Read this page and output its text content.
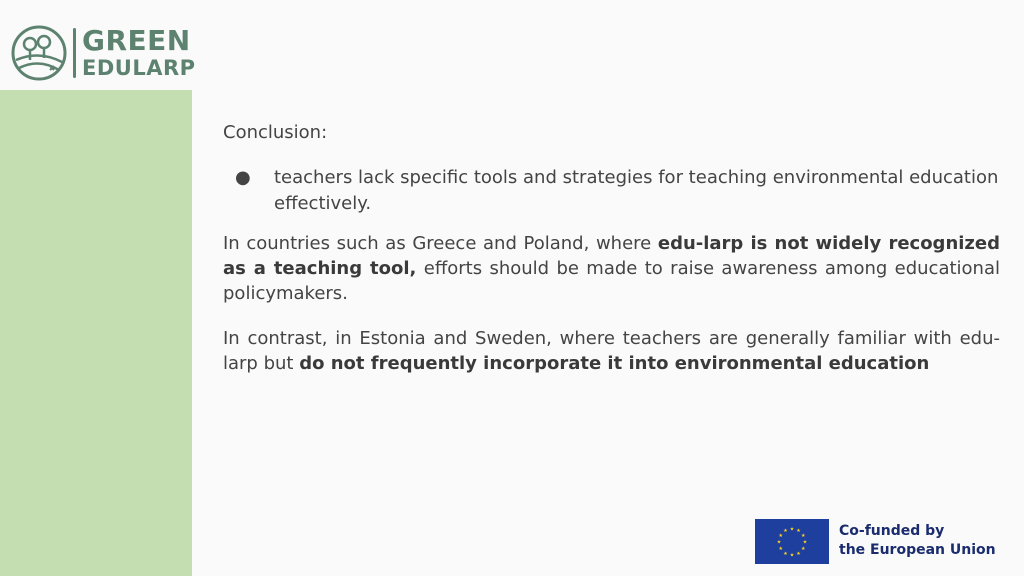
GREEN
EDULARP

Conclusion:

●	teachers lack specific tools and strategies for teaching environmental education effectively.

In countries such as Greece and Poland, where edu-larp is not widely recognized as a teaching tool, efforts should be made to raise awareness among educational policymakers.

In contrast, in Estonia and Sweden, where teachers are generally familiar with edu-larp but do not frequently incorporate it into environmental education

★
★
★
★
★
★
★
★
★ ★ ★
★ Co-funded by
the European Union
